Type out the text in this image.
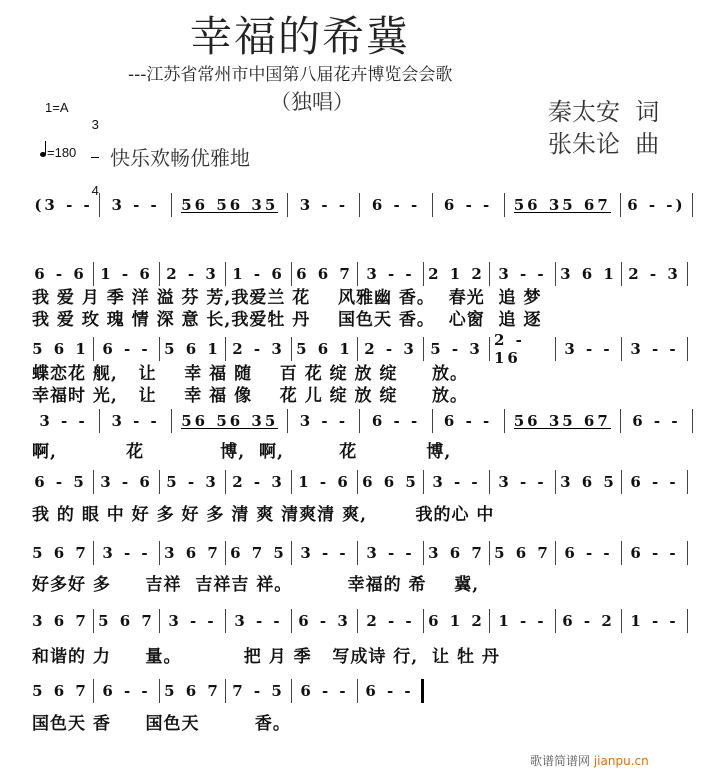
幸福的希冀
---江苏省常州市中国第八届花卉博览会会歌
（独唱）
1=A

3

4

=180 快乐欢畅优雅地
秦太安  词
张朱论  曲
(3 - - 3 - - 56 56 35 3 - - 6 - - 6 - - 56 35 67 6 - -)
6 - 6 1 - 6 2 - 3 1 - 6 6 6 7 3 - - 2 1 2 3 - - 3 6 1 2 - 3
5 6 1 6 - - 5 6 1 2 - 3 5 6 1 2 - 3 5 - 3 2 - 16	3 - - 3 - -
3 - - 3 - - 56 56 35 3 - - 6 - - 6 - - 56 35 67 6 - -
6 - 5 3 - 6 5 - 3 2 - 3 1 - 6 6 6 5 3 - - 3 - - 3 6 5 6 - -
5 6 7 3 - - 3 6 7 6 7 5 3 - - 3 - - 3 6 7 5 6 7 6 - - 6 - -
3 6 7 5 6 7 3 - - 3 - - 6 - 3 2 - - 6 1 2 1 - - 6 - 2 1 - -
5 6 7 6 - - 5 6 7 7 - 5 6 - - 6 - -
我 爱 月 季 洋 溢 芬 芳,我爱兰 花    风雅幽 香。  春光  追 梦
我 爱 玫 瑰 情 深 意 长,我爱牡 丹    国色天 香。  心窗  追 逐
蝶恋花 舰,   让    幸 福 随    百 花 绽 放 绽     放。
幸福时 光,   让    幸 福 像    花 儿 绽 放 绽     放。
啊,          花           博,  啊,        花          博,
我 的 眼 中 好 多 好 多 清 爽 清爽清 爽,       我的心 中
好多好 多     吉祥  吉祥吉 祥。        幸福的 希    冀,
和谐的 力     量。         把 月 季   写成诗 行,  让 牡 丹
国色天 香     国色天        香。
歌谱简谱网 jianpu.cn
